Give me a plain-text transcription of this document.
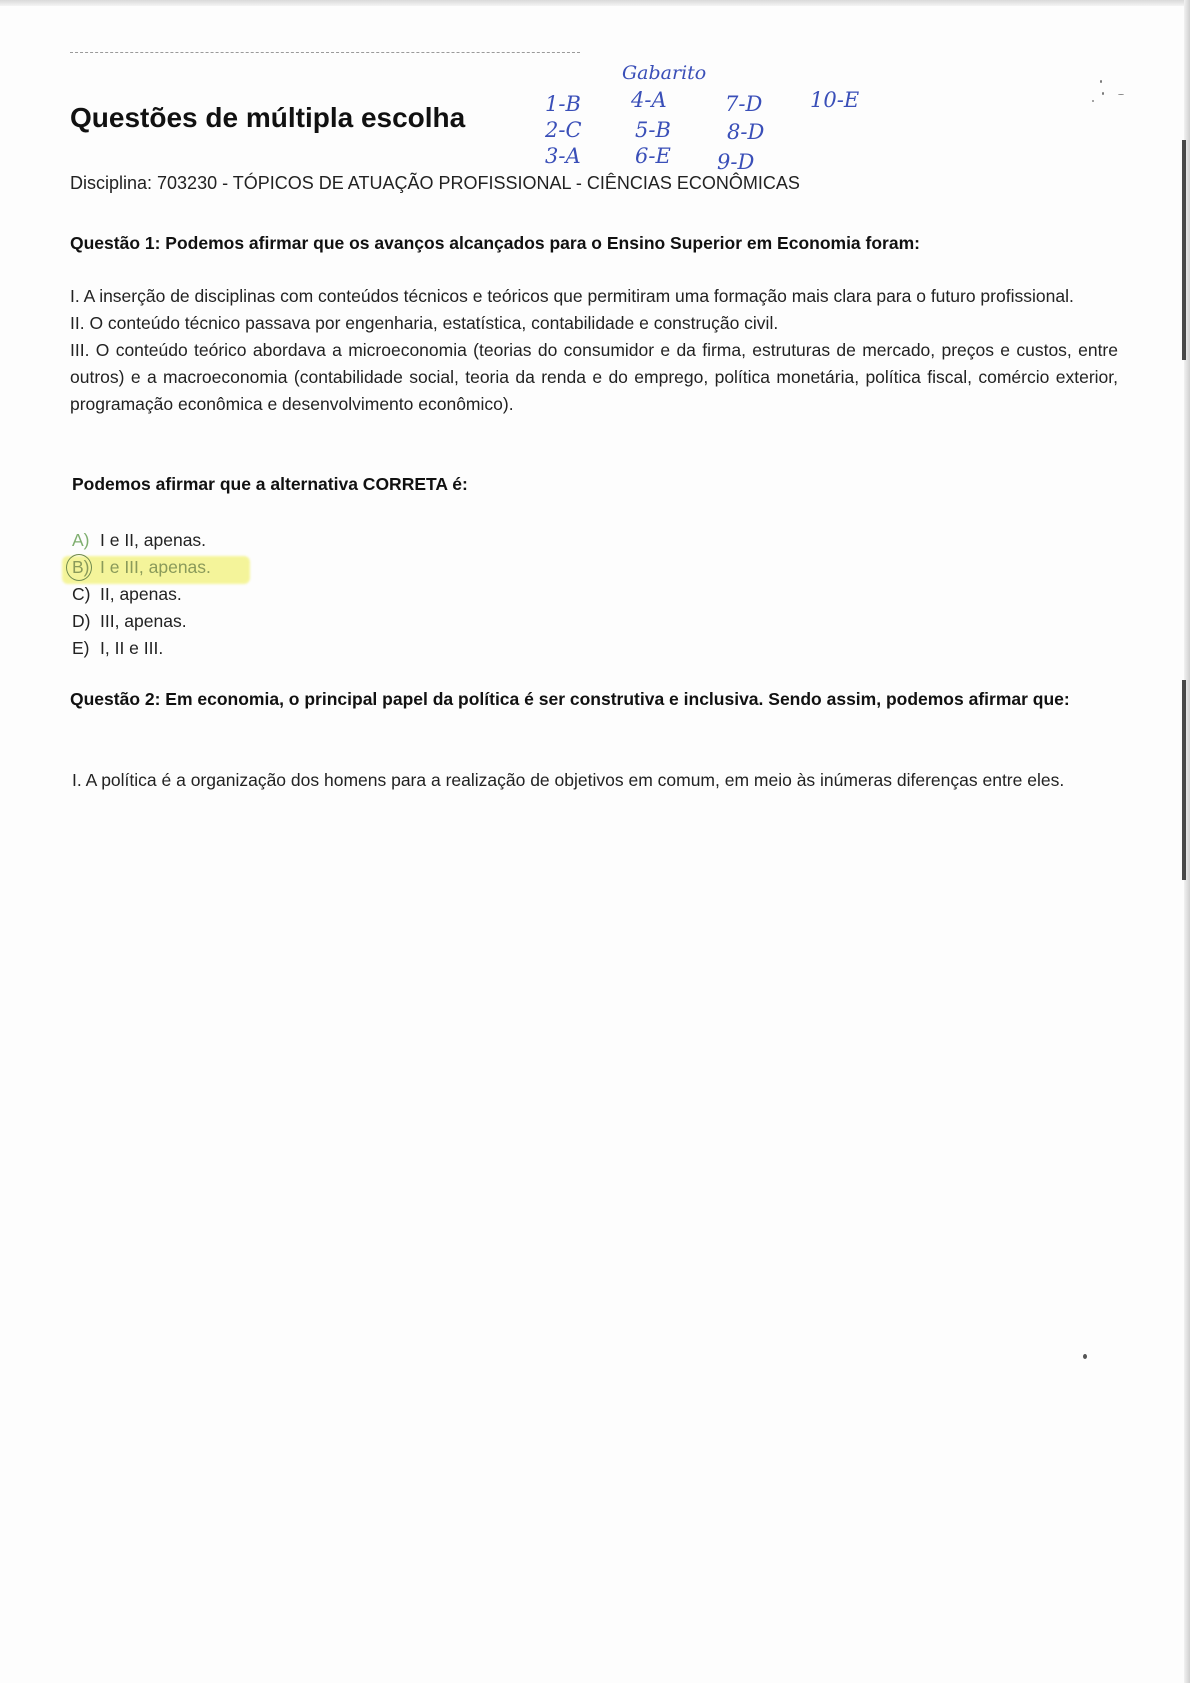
Questões de múltipla escolha
Gabarito
1-B
2-C
3-A
4-A
5-B
6-E
7-D
8-D
9-D
10-E
Disciplina: 703230 - TÓPICOS DE ATUAÇÃO PROFISSIONAL - CIÊNCIAS ECONÔMICAS
Questão 1: Podemos afirmar que os avanços alcançados para o Ensino Superior em Economia foram:

I. A inserção de disciplinas com conteúdos técnicos e teóricos que permitiram uma formação mais clara para o futuro profissional.

II. O conteúdo técnico passava por engenharia, estatística, contabilidade e construção civil.

III. O conteúdo teórico abordava a microeconomia (teorias do consumidor e da firma, estruturas de mercado, preços e custos, entre outros) e a macroeconomia (contabilidade social, teoria da renda e do emprego, política monetária, política fiscal, comércio exterior, programação econômica e desenvolvimento econômico).

Podemos afirmar que a alternativa CORRETA é:
A) I e II, apenas.
B) I e III, apenas.
C) II, apenas.
D) III, apenas.
E) I, II e III.
Questão 2: Em economia, o principal papel da política é ser construtiva e inclusiva. Sendo assim, podemos afirmar que:
I. A política é a organização dos homens para a realização de objetivos em comum, em meio às inúmeras diferenças entre eles.
